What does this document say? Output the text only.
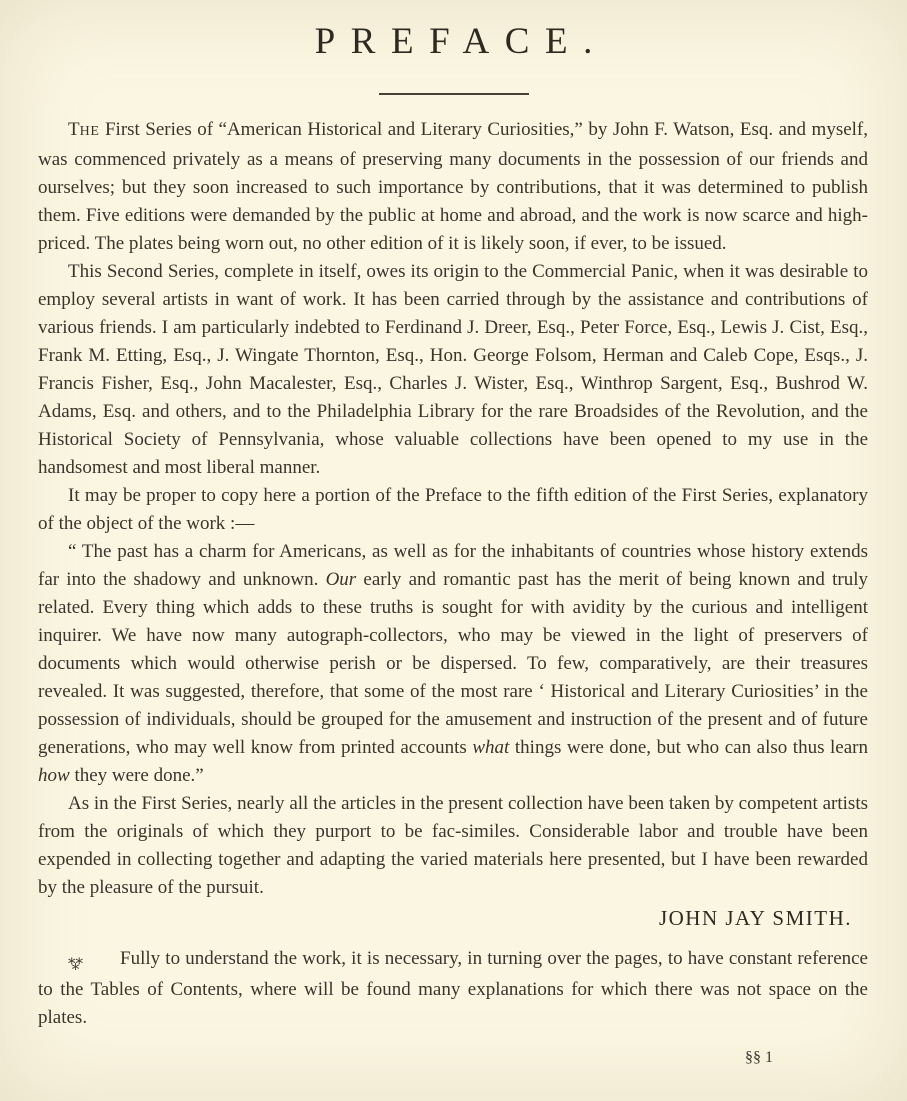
PREFACE.

THE First Series of “American Historical and Literary Curiosities,” by John F. Watson, Esq. and myself, was commenced privately as a means of preserving many documents in the possession of our friends and ourselves; but they soon increased to such importance by contributions, that it was determined to publish them. Five editions were demanded by the public at home and abroad, and the work is now scarce and high-priced. The plates being worn out, no other edition of it is likely soon, if ever, to be issued.

This Second Series, complete in itself, owes its origin to the Commercial Panic, when it was desirable to employ several artists in want of work. It has been carried through by the assistance and contributions of various friends. I am particularly indebted to Ferdinand J. Dreer, Esq., Peter Force, Esq., Lewis J. Cist, Esq., Frank M. Etting, Esq., J. Wingate Thornton, Esq., Hon. George Folsom, Herman and Caleb Cope, Esqs., J. Francis Fisher, Esq., John Macalester, Esq., Charles J. Wister, Esq., Winthrop Sargent, Esq., Bushrod W. Adams, Esq. and others, and to the Philadelphia Library for the rare Broadsides of the Revolution, and the Historical Society of Pennsylvania, whose valuable collections have been opened to my use in the handsomest and most liberal manner.

It may be proper to copy here a portion of the Preface to the fifth edition of the First Series, explanatory of the object of the work :—

“ The past has a charm for Americans, as well as for the inhabitants of countries whose history extends far into the shadowy and unknown. Our early and romantic past has the merit of being known and truly related. Every thing which adds to these truths is sought for with avidity by the curious and intelligent inquirer. We have now many autograph-collectors, who may be viewed in the light of preservers of documents which would otherwise perish or be dispersed. To few, comparatively, are their treasures revealed. It was suggested, therefore, that some of the most rare ‘ Historical and Literary Curiosities’ in the possession of individuals, should be grouped for the amusement and instruction of the present and of future generations, who may well know from printed accounts what things were done, but who can also thus learn how they were done.”

As in the First Series, nearly all the articles in the present collection have been taken by competent artists from the originals of which they purport to be fac-similes. Considerable labor and trouble have been expended in collecting together and adapting the varied materials here presented, but I have been rewarded by the pleasure of the pursuit.

JOHN JAY SMITH.

⁂ Fully to understand the work, it is necessary, in turning over the pages, to have constant reference to the Tables of Contents, where will be found many explanations for which there was not space on the plates.

§§ 1
